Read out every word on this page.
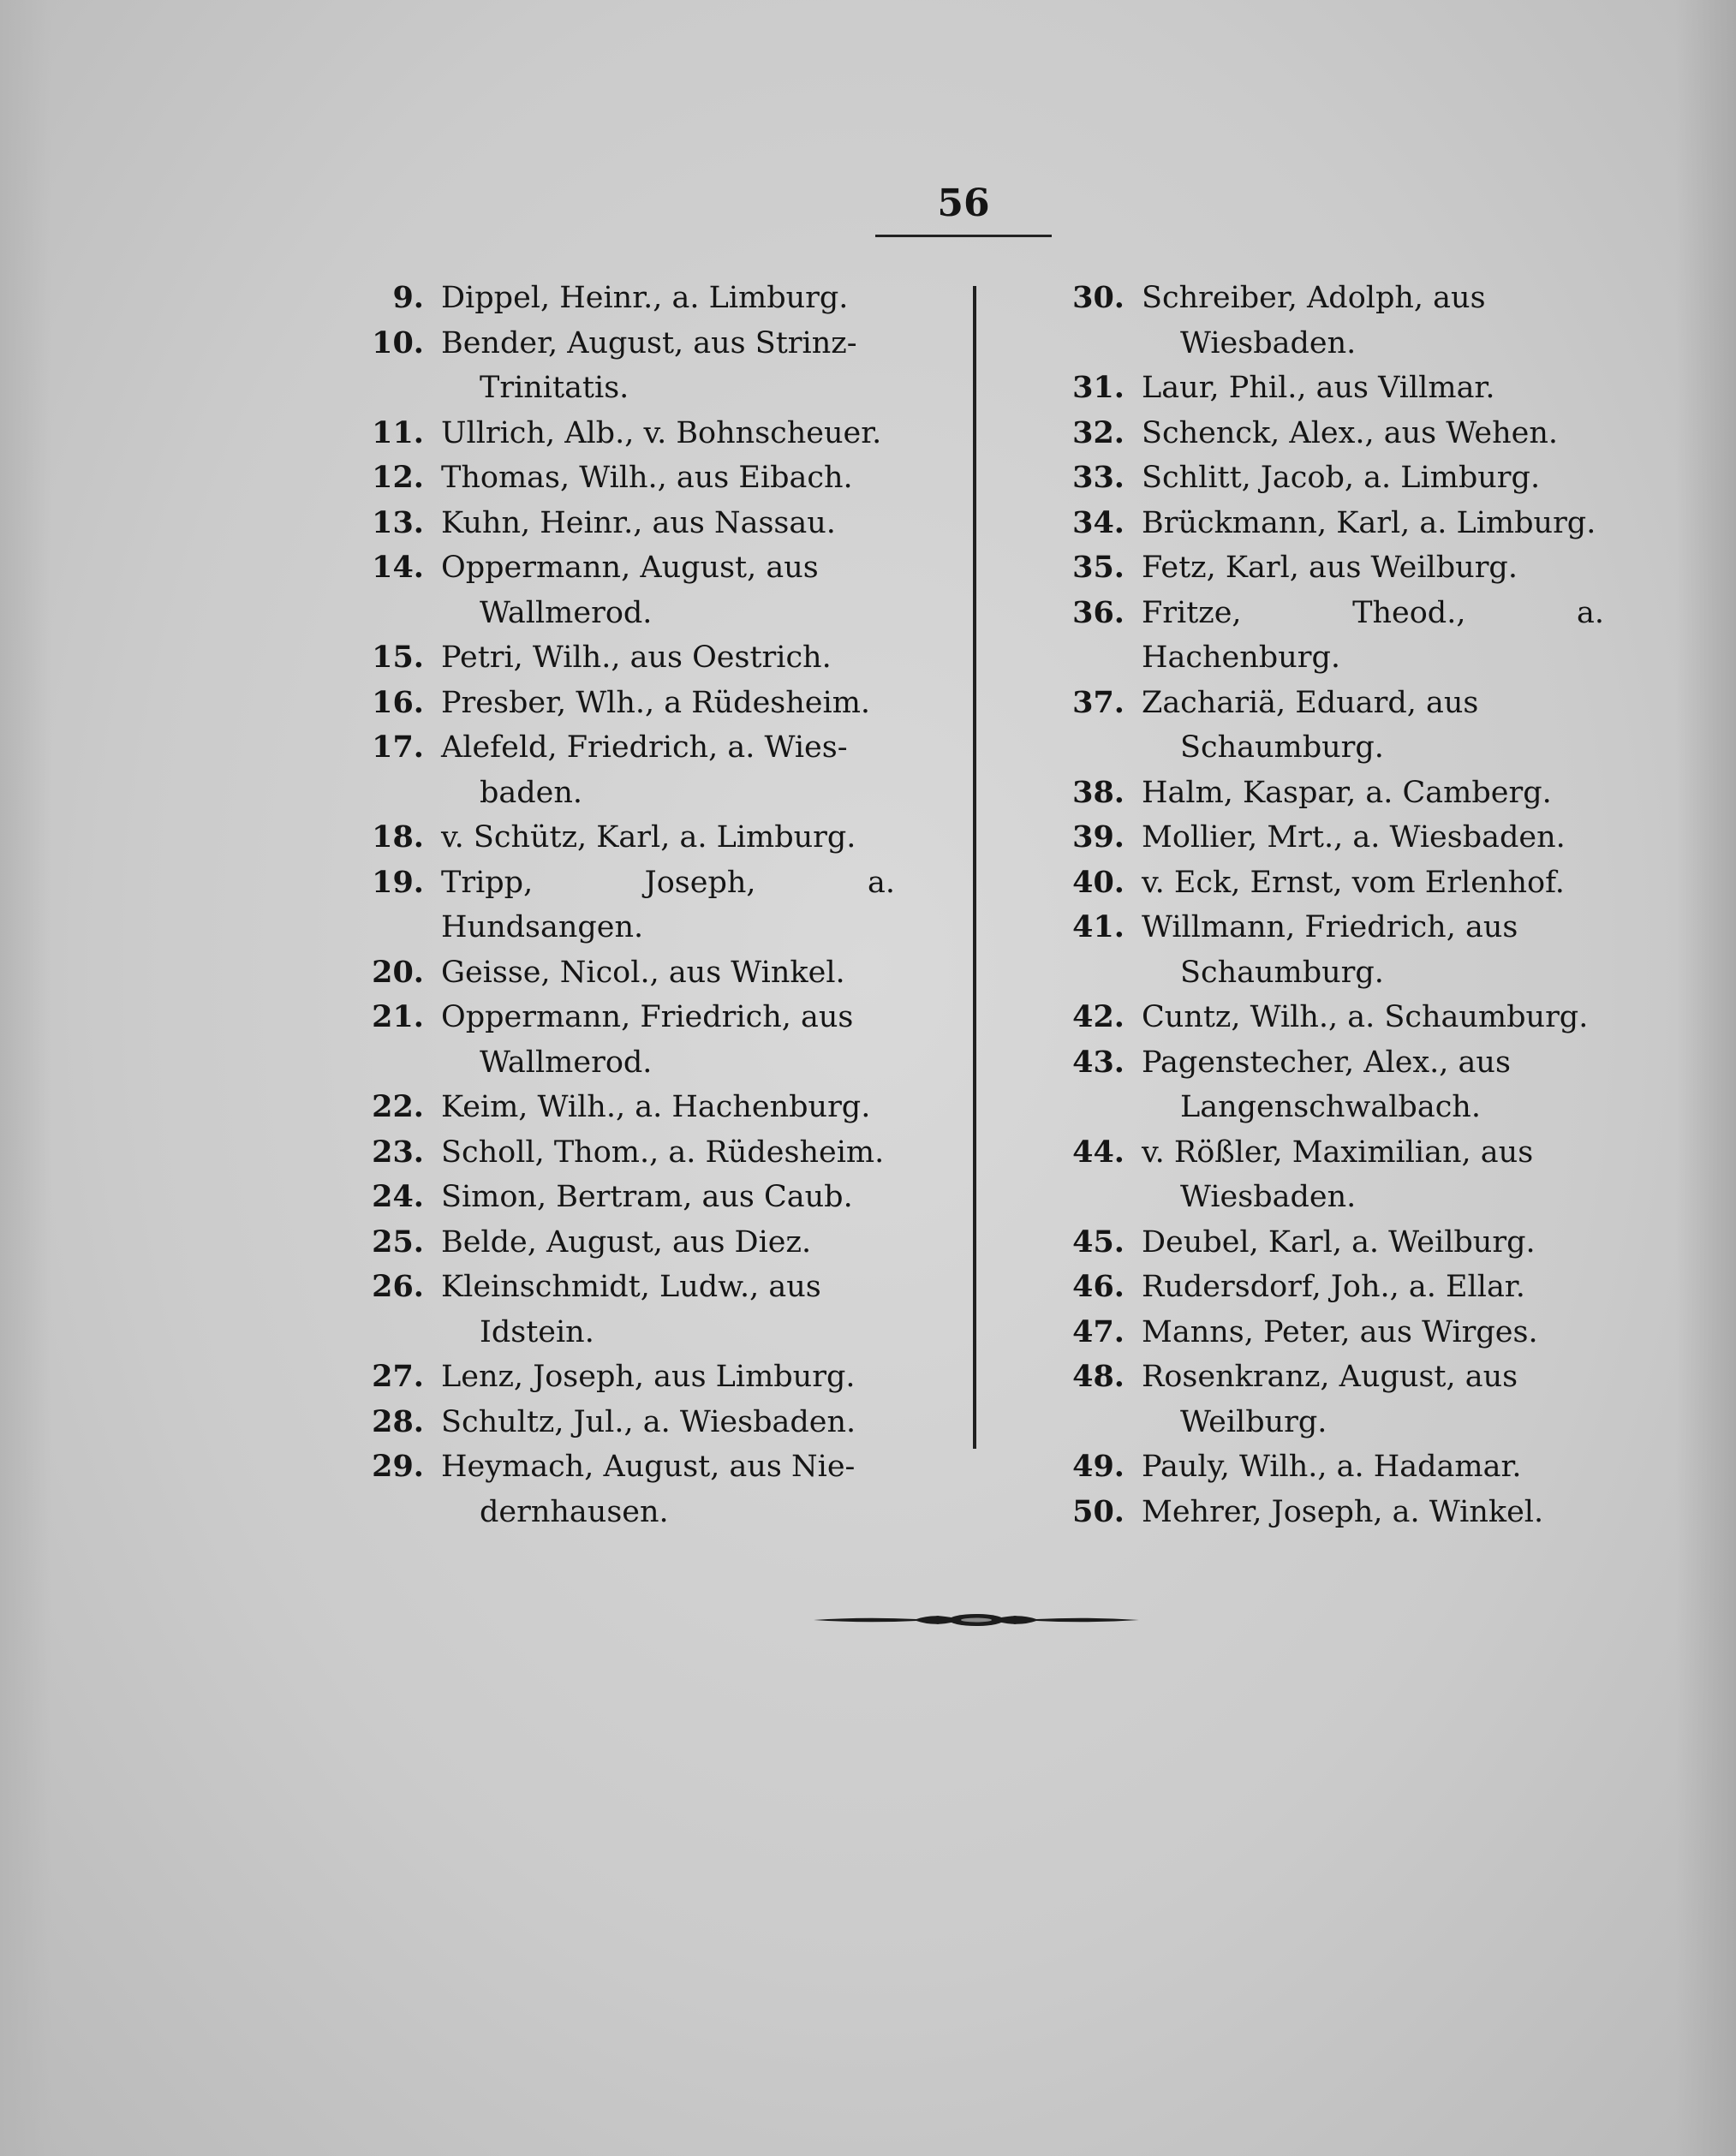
56
9. Dippel, Heinr., a. Limburg.
10. Bender, August, aus Strinz-
Trinitatis.
11. Ullrich, Alb., v. Bohnscheuer.
12. Thomas, Wilh., aus Eibach.
13. Kuhn, Heinr., aus Nassau.
14. Oppermann, August, aus
Wallmerod.
15. Petri, Wilh., aus Oestrich.
16. Presber, Wlh., a Rüdesheim.
17. Alefeld, Friedrich, a. Wies-
baden.
18. v. Schütz, Karl, a. Limburg.
19. Tripp, Joseph, a. Hundsangen.
20. Geisse, Nicol., aus Winkel.
21. Oppermann, Friedrich, aus
Wallmerod.
22. Keim, Wilh., a. Hachenburg.
23. Scholl, Thom., a. Rüdesheim.
24. Simon, Bertram, aus Caub.
25. Belde, August, aus Diez.
26. Kleinschmidt, Ludw., aus
Idstein.
27. Lenz, Joseph, aus Limburg.
28. Schultz, Jul., a. Wiesbaden.
29. Heymach, August, aus Nie-
dernhausen.
30. Schreiber, Adolph, aus
Wiesbaden.
31. Laur, Phil., aus Villmar.
32. Schenck, Alex., aus Wehen.
33. Schlitt, Jacob, a. Limburg.
34. Brückmann, Karl, a. Limburg.
35. Fetz, Karl, aus Weilburg.
36. Fritze, Theod., a. Hachenburg.
37. Zachariä, Eduard, aus
Schaumburg.
38. Halm, Kaspar, a. Camberg.
39. Mollier, Mrt., a. Wiesbaden.
40. v. Eck, Ernst, vom Erlenhof.
41. Willmann, Friedrich, aus
Schaumburg.
42. Cuntz, Wilh., a. Schaumburg.
43. Pagenstecher, Alex., aus
Langenschwalbach.
44. v. Rößler, Maximilian, aus
Wiesbaden.
45. Deubel, Karl, a. Weilburg.
46. Rudersdorf, Joh., a. Ellar.
47. Manns, Peter, aus Wirges.
48. Rosenkranz, August, aus
Weilburg.
49. Pauly, Wilh., a. Hadamar.
50. Mehrer, Joseph, a. Winkel.
